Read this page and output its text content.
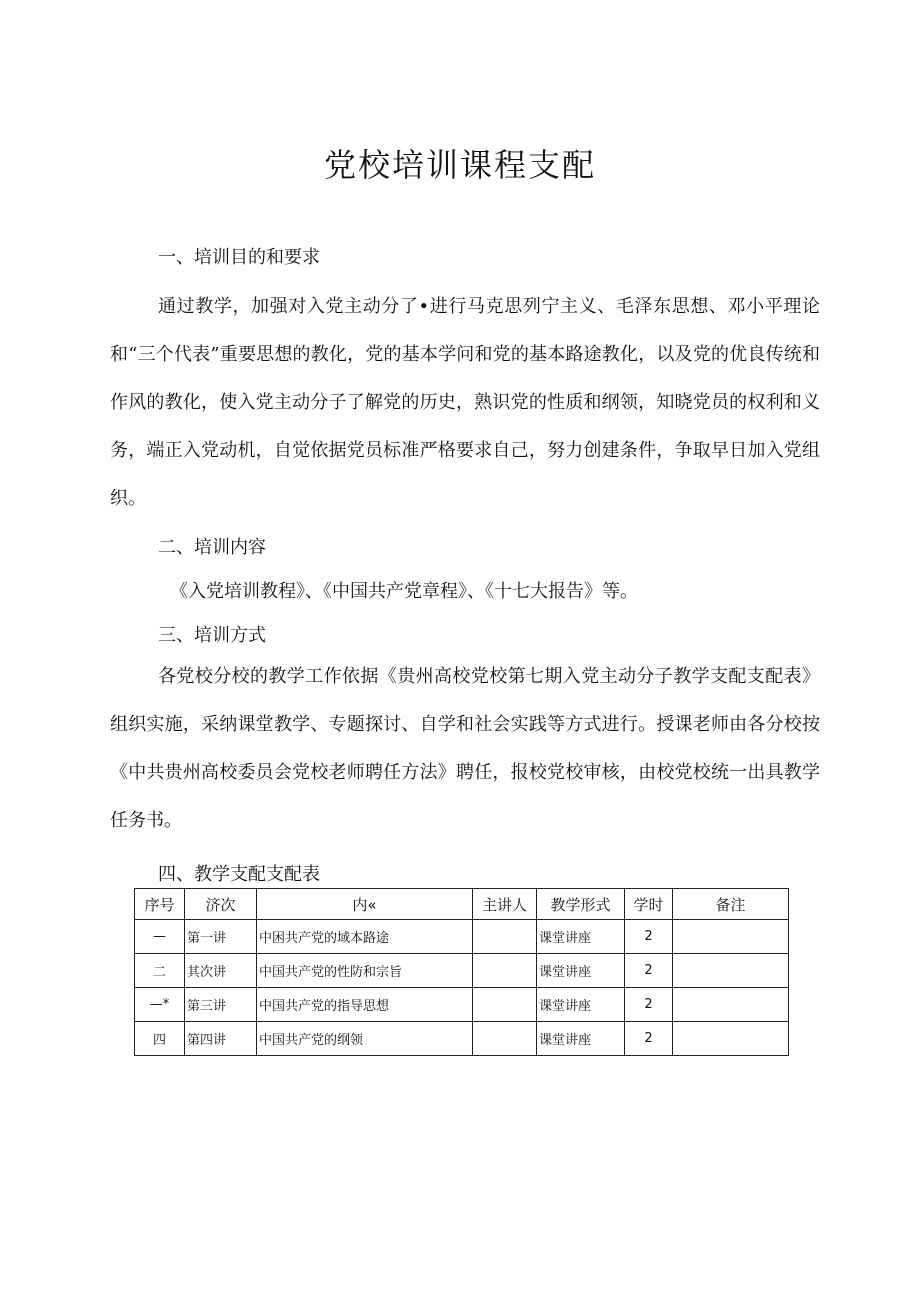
党校培训课程支配
一、培训目的和要求

通过教学，加强对入党主动分了•进行马克思列宁主义、毛泽东思想、邓小平理论和“三个代表”重要思想的教化，党的基本学问和党的基本路途教化，以及党的优良传统和作风的教化，使入党主动分子了解党的历史，熟识党的性质和纲领，知晓党员的权利和义务，端正入党动机，自觉依据党员标准严格要求自己，努力创建条件，争取早日加入党组织。

二、培训内容
《入党培训教程》、《中国共产党章程》、《十七大报告》等。
三、培训方式

各党校分校的教学工作依据《贵州高校党校第七期入党主动分子教学支配支配表》组织实施，采纳课堂教学、专题探讨、自学和社会实践等方式进行。授课老师由各分校按《中共贵州高校委员会党校老师聘任方法》聘任，报校党校审核，由校党校统一出具教学任务书。

四、教学支配支配表
序号	济次	内«	主讲人	教学形式	学时	备注
—	第一讲	中困共产党的域本路途		课堂讲座	2	
二	其次讲	中国共产党的性防和宗旨		课堂讲座	2	
—*	第三讲	中国共产党的指导思想		课堂讲座	2	
四	第四讲	中国共产党的纲领		课堂讲座	2	
